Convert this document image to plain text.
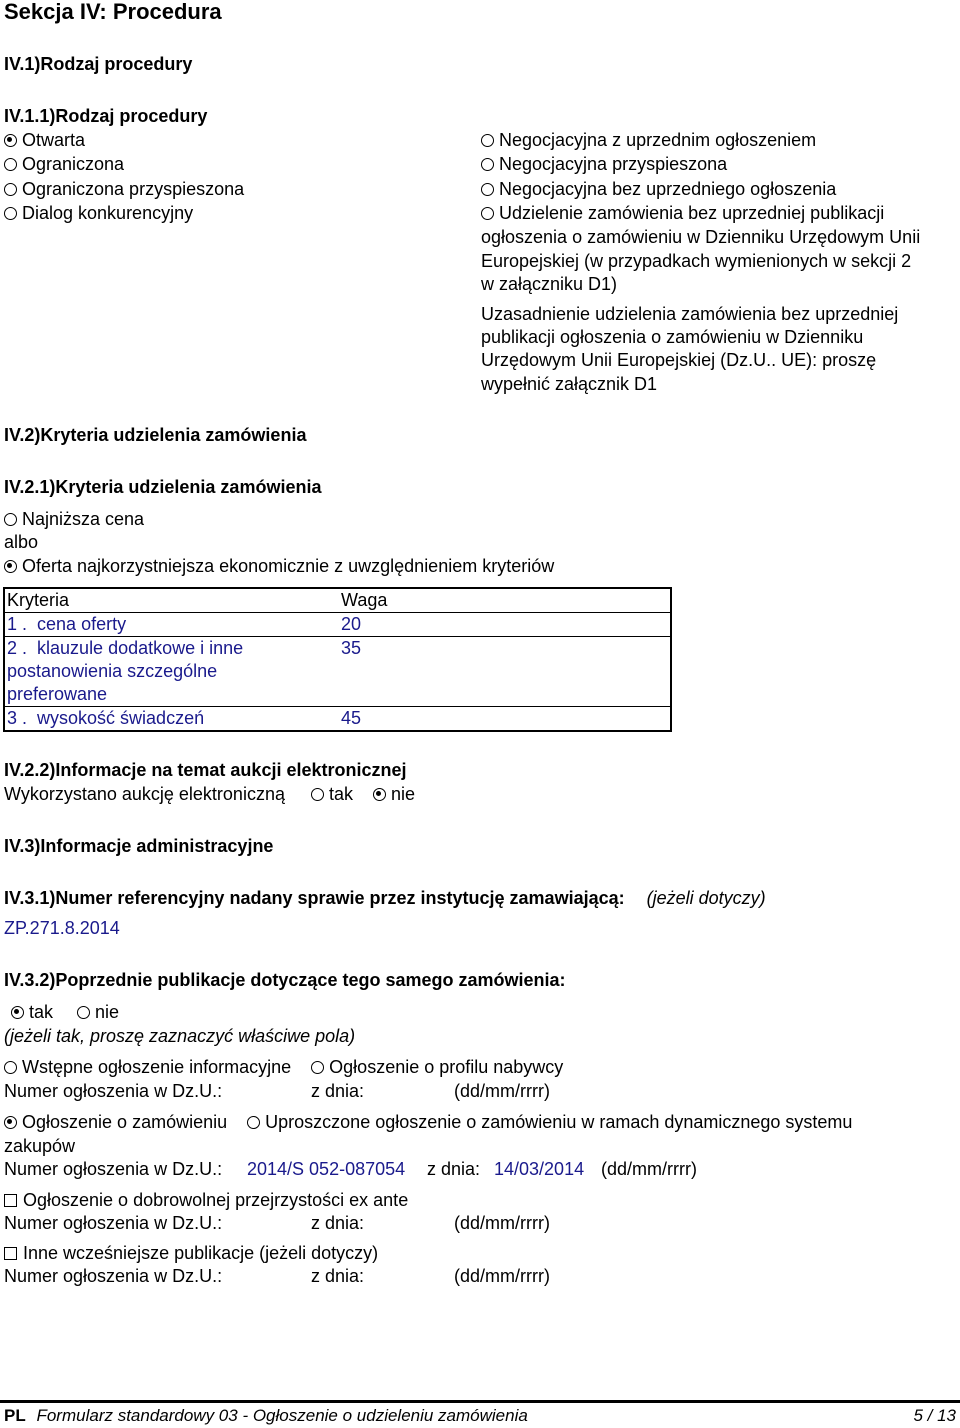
Sekcja IV: Procedura
IV.1)Rodzaj procedury
IV.1.1)Rodzaj procedury
Otwarta
Ograniczona
Ograniczona przyspieszona
Dialog konkurencyjny
Negocjacyjna z uprzednim ogłoszeniem
Negocjacyjna przyspieszona
Negocjacyjna bez uprzedniego ogłoszenia
Udzielenie zamówienia bez uprzedniej publikacji
ogłoszenia o zamówieniu w Dzienniku Urzędowym Unii
Europejskiej (w przypadkach wymienionych w sekcji 2
w załączniku D1)
Uzasadnienie udzielenia zamówienia bez uprzedniej
publikacji ogłoszenia o zamówieniu w Dzienniku
Urzędowym Unii Europejskiej (Dz.U.. UE): proszę
wypełnić załącznik D1
IV.2)Kryteria udzielenia zamówienia
IV.2.1)Kryteria udzielenia zamówienia
Najniższa cena
albo
Oferta najkorzystniejsza ekonomicznie z uwzględnieniem kryteriów
Kryteria	Waga
1 .  cena oferty	20
2 .  klauzule dodatkowe i inne postanowienia szczególne preferowane	35
3 .  wysokość świadczeń	45
IV.2.2)Informacje na temat aukcji elektronicznej
Wykorzystano aukcję elektroniczną tak nie
IV.3)Informacje administracyjne
IV.3.1)Numer referencyjny nadany sprawie przez instytucję zamawiającą: (jeżeli dotyczy)
ZP.271.8.2014
IV.3.2)Poprzednie publikacje dotyczące tego samego zamówienia:
tak nie
(jeżeli tak, proszę zaznaczyć właściwe pola)
Wstępne ogłoszenie informacyjne Ogłoszenie o profilu nabywcy
Numer ogłoszenia w Dz.U.:	z dnia:	(dd/mm/rrrr)
Ogłoszenie o zamówieniu Uproszczone ogłoszenie o zamówieniu w ramach dynamicznego systemu
zakupów
Numer ogłoszenia w Dz.U.: 2014/S 052-087054 z dnia: 14/03/2014 (dd/mm/rrrr)
Ogłoszenie o dobrowolnej przejrzystości ex ante
Numer ogłoszenia w Dz.U.:	z dnia:	(dd/mm/rrrr)
Inne wcześniejsze publikacje (jeżeli dotyczy)
Numer ogłoszenia w Dz.U.:	z dnia:	(dd/mm/rrrr)
PL Formularz standardowy 03 - Ogłoszenie o udzieleniu zamówienia	5 / 13
